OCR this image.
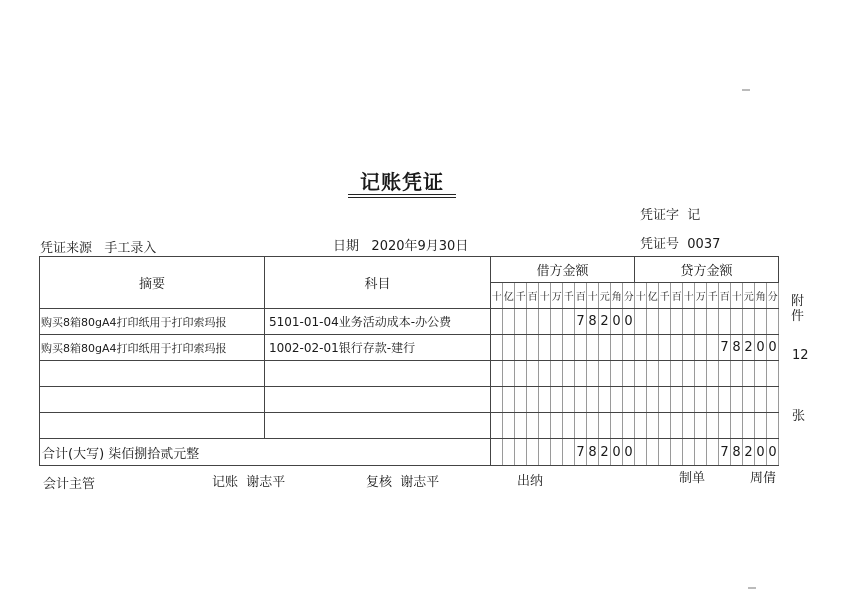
记账凭证
凭证字 记
凭证来源 手工录入	日期 2020年9月30日	凭证号 0037
摘要	科目	借方金额												贷方金额											
		十	亿	千	百	十	万	千	百	十	元	角	分	十	亿	千	百	十	万	千	百	十	元	角	分
购买8箱80gA4打印纸用于打印索玛报	5101-01-04业务活动成本-办公费								7	8	2	0	0												
购买8箱80gA4打印纸用于打印索玛报	1002-02-01银行存款-建行																				7	8	2	0	0

合计(大写) 柒佰捌拾贰元整									7	8	2	0	0								7	8	2	0	0
附
件
12
张
会计主管	记账 谢志平	复核 谢志平	出纳	制单	周倩
